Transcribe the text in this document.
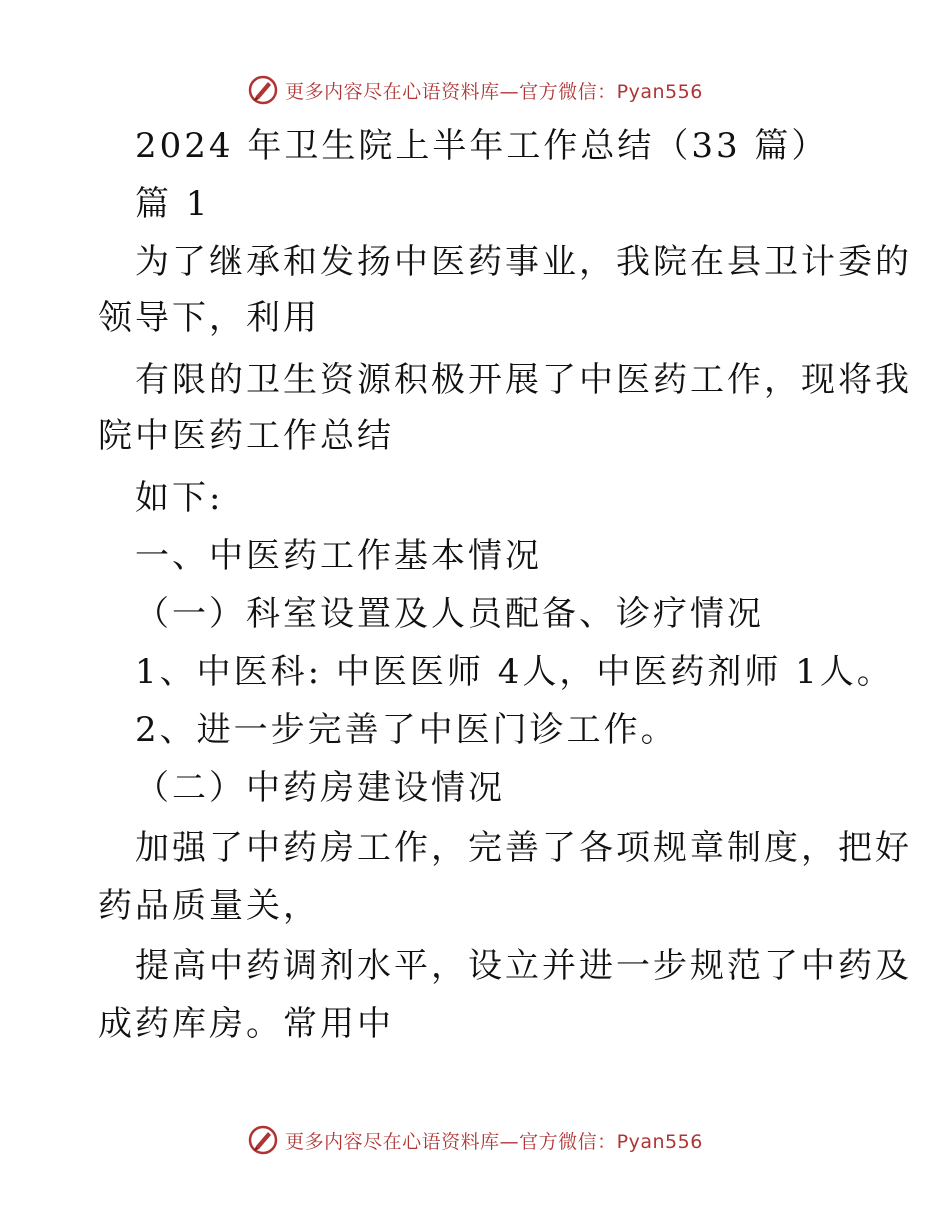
更多内容尽在心语资料库—官方微信：Pyan556
2024 年卫生院上半年工作总结（33 篇）
篇 1
为了继承和发扬中医药事业，我院在县卫计委的
领导下，利用
有限的卫生资源积极开展了中医药工作，现将我
院中医药工作总结
如下:
一、中医药工作基本情况
（一）科室设置及人员配备、诊疗情况
1、中医科: 中医医师 4人，中医药剂师 1人。
2、进一步完善了中医门诊工作。
（二）中药房建设情况
加强了中药房工作，完善了各项规章制度，把好
药品质量关，
提高中药调剂水平，设立并进一步规范了中药及
成药库房。常用中
更多内容尽在心语资料库—官方微信：Pyan556
